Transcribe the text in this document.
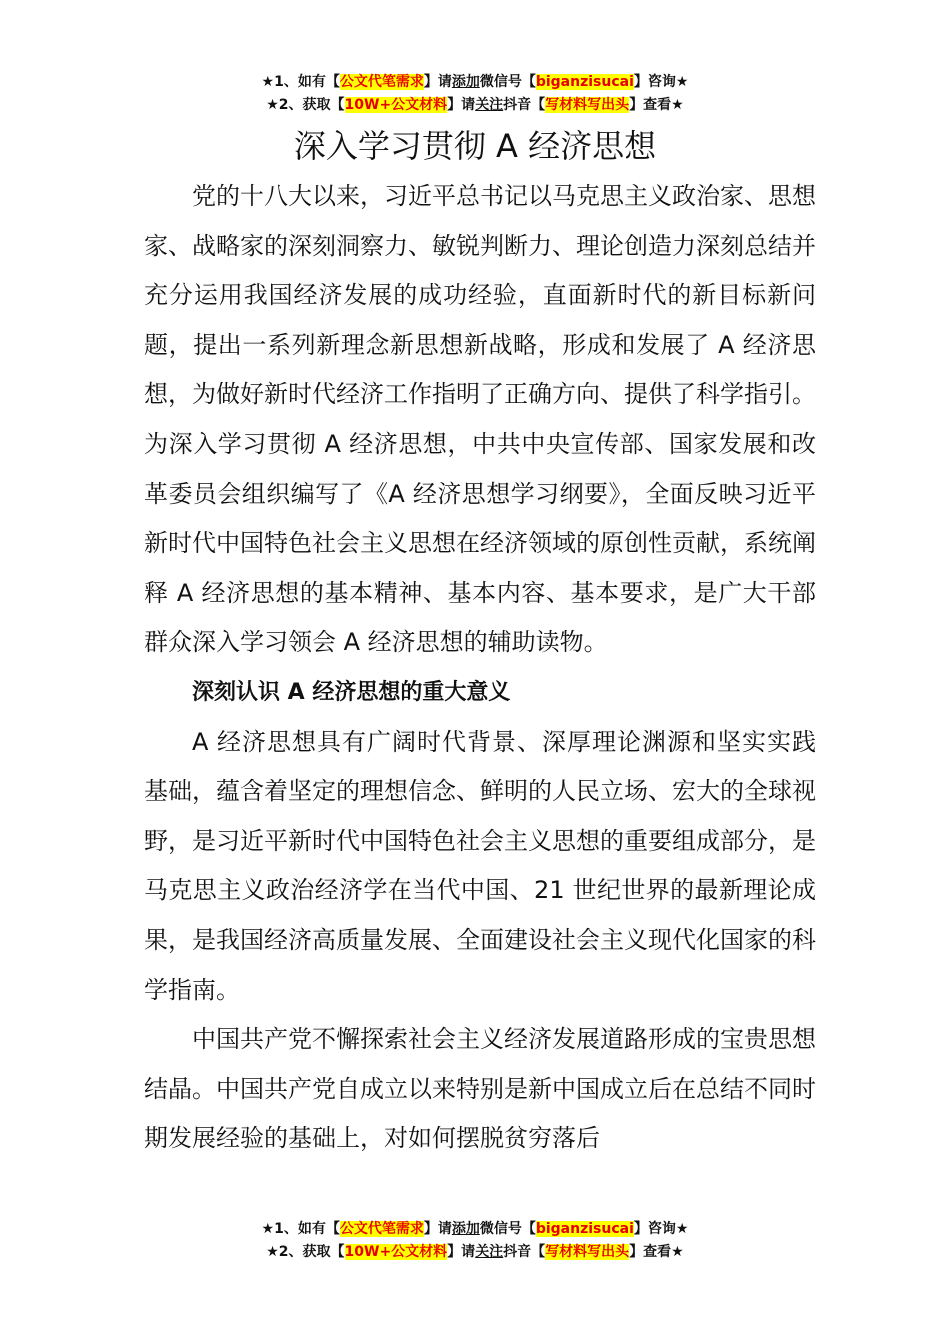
★1、如有【公文代笔需求】请添加微信号【biganzisucai】咨询★
★2、获取【10W+公文材料】请关注抖音【写材料写出头】查看★
深入学习贯彻 A 经济思想

党的十八大以来，习近平总书记以马克思主义政治家、思想家、战略家的深刻洞察力、敏锐判断力、理论创造力深刻总结并充分运用我国经济发展的成功经验，直面新时代的新目标新问题，提出一系列新理念新思想新战略，形成和发展了 A 经济思想，为做好新时代经济工作指明了正确方向、提供了科学指引。为深入学习贯彻 A 经济思想，中共中央宣传部、国家发展和改革委员会组织编写了《A 经济思想学习纲要》，全面反映习近平新时代中国特色社会主义思想在经济领域的原创性贡献，系统阐释 A 经济思想的基本精神、基本内容、基本要求，是广大干部群众深入学习领会 A 经济思想的辅助读物。

深刻认识 A 经济思想的重大意义

A 经济思想具有广阔时代背景、深厚理论渊源和坚实实践基础，蕴含着坚定的理想信念、鲜明的人民立场、宏大的全球视野，是习近平新时代中国特色社会主义思想的重要组成部分，是马克思主义政治经济学在当代中国、21 世纪世界的最新理论成果，是我国经济高质量发展、全面建设社会主义现代化国家的科学指南。

中国共产党不懈探索社会主义经济发展道路形成的宝贵思想结晶。中国共产党自成立以来特别是新中国成立后在总结不同时期发展经验的基础上，对如何摆脱贫穷落后

★1、如有【公文代笔需求】请添加微信号【biganzisucai】咨询★
★2、获取【10W+公文材料】请关注抖音【写材料写出头】查看★
